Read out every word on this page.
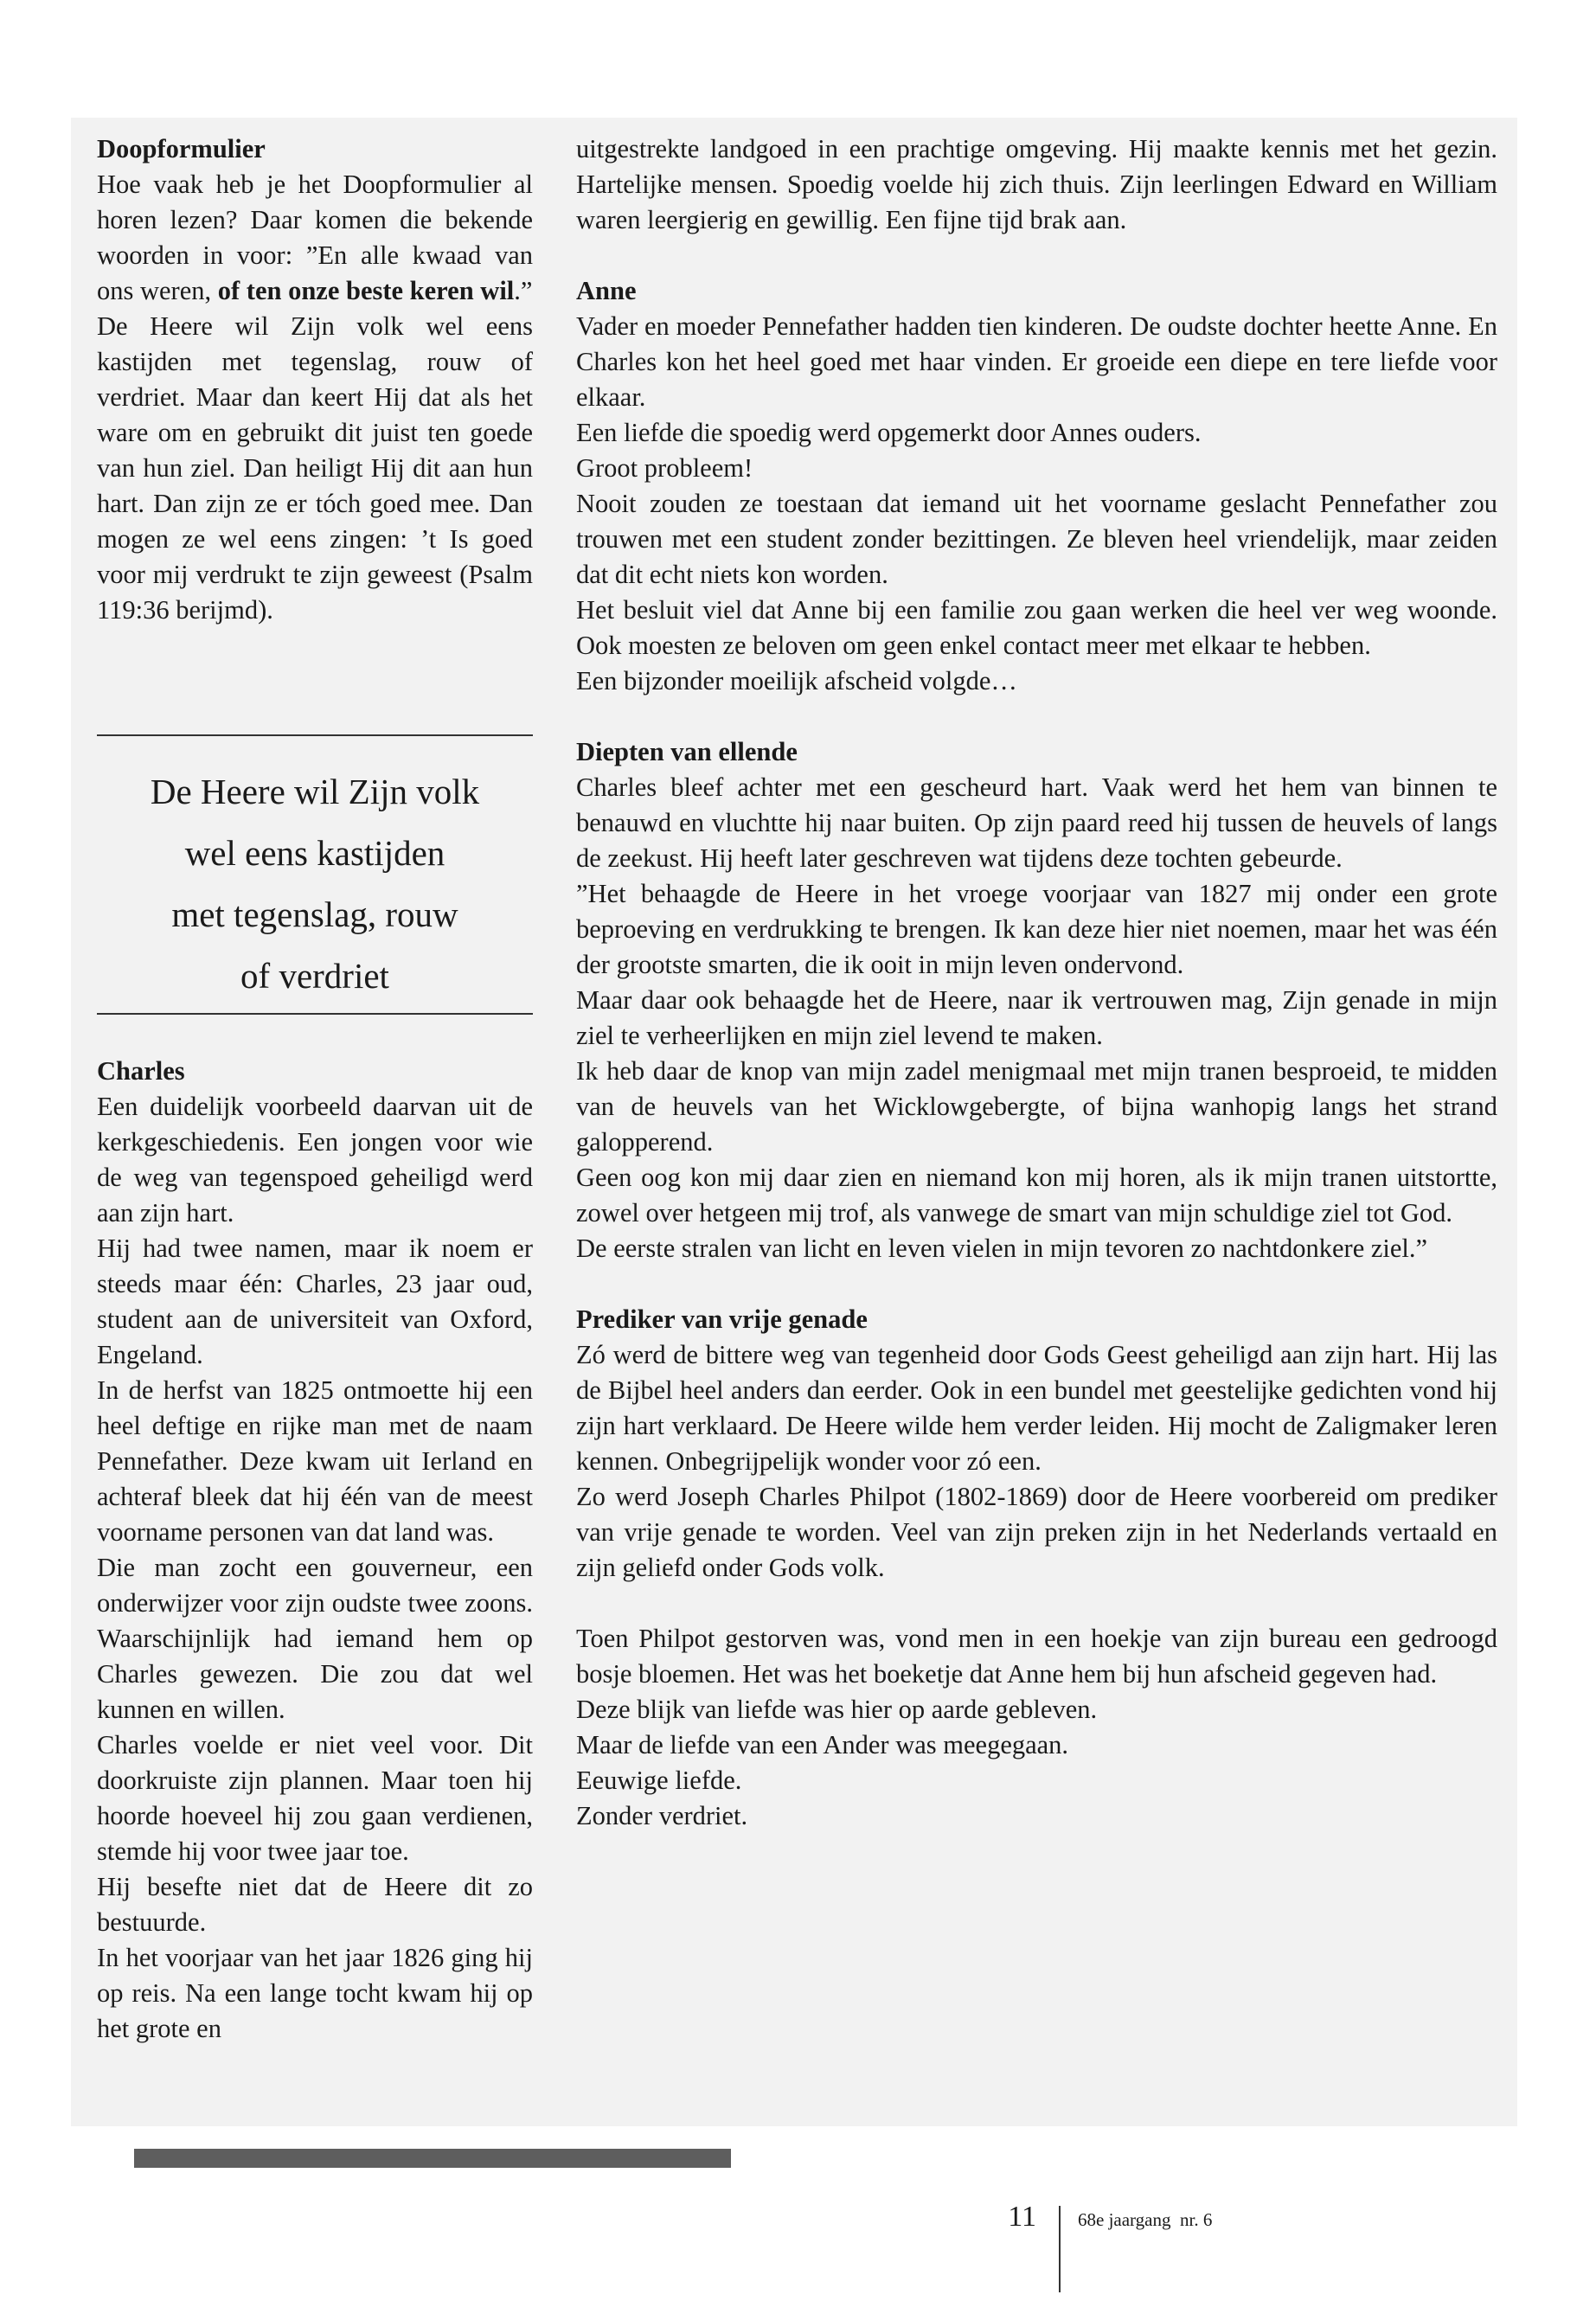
Doopformulier

Hoe vaak heb je het Doopformulier al horen lezen? Daar komen die bekende woorden in voor: ”En alle kwaad van ons weren, of ten onze beste keren wil.”

De Heere wil Zijn volk wel eens kastijden met tegenslag, rouw of verdriet. Maar dan keert Hij dat als het ware om en gebruikt dit juist ten goede van hun ziel. Dan heiligt Hij dit aan hun hart. Dan zijn ze er tóch goed mee. Dan mogen ze wel eens zingen: ’t Is goed voor mij verdrukt te zijn geweest (Psalm 119:36 berijmd).

De Heere wil Zijn volk
wel eens kastijden
met tegenslag, rouw
of verdriet

Charles

Een duidelijk voorbeeld daarvan uit de kerkgeschiedenis. Een jongen voor wie de weg van tegenspoed geheiligd werd aan zijn hart.

Hij had twee namen, maar ik noem er steeds maar één: Charles, 23 jaar oud, student aan de universiteit van Oxford, Engeland.

In de herfst van 1825 ontmoette hij een heel deftige en rijke man met de naam Pennefather. Deze kwam uit Ierland en achteraf bleek dat hij één van de meest voorname personen van dat land was.

Die man zocht een gouverneur, een onderwijzer voor zijn oudste twee zoons. Waarschijnlijk had iemand hem op Charles gewezen. Die zou dat wel kunnen en willen.

Charles voelde er niet veel voor. Dit doorkruiste zijn plannen. Maar toen hij hoorde hoeveel hij zou gaan verdienen, stemde hij voor twee jaar toe.

Hij besefte niet dat de Heere dit zo bestuurde.

In het voorjaar van het jaar 1826 ging hij op reis. Na een lange tocht kwam hij op het grote en

uitgestrekte landgoed in een prachtige omgeving. Hij maakte kennis met het gezin. Hartelijke mensen. Spoedig voelde hij zich thuis. Zijn leerlingen Edward en William waren leergierig en gewillig. Een fijne tijd brak aan.

Anne

Vader en moeder Pennefather hadden tien kinderen. De oudste dochter heette Anne. En Charles kon het heel goed met haar vinden. Er groeide een diepe en tere liefde voor elkaar.

Een liefde die spoedig werd opgemerkt door Annes ouders.

Groot probleem!

Nooit zouden ze toestaan dat iemand uit het voorname geslacht Pennefather zou trouwen met een student zonder bezittingen. Ze bleven heel vriendelijk, maar zeiden dat dit echt niets kon worden.

Het besluit viel dat Anne bij een familie zou gaan werken die heel ver weg woonde. Ook moesten ze beloven om geen enkel contact meer met elkaar te hebben.

Een bijzonder moeilijk afscheid volgde…

Diepten van ellende

Charles bleef achter met een gescheurd hart. Vaak werd het hem van binnen te benauwd en vluchtte hij naar buiten. Op zijn paard reed hij tussen de heuvels of langs de zeekust. Hij heeft later geschreven wat tijdens deze tochten gebeurde.

”Het behaagde de Heere in het vroege voorjaar van 1827 mij onder een grote beproeving en verdrukking te brengen. Ik kan deze hier niet noemen, maar het was één der grootste smarten, die ik ooit in mijn leven ondervond.

Maar daar ook behaagde het de Heere, naar ik vertrouwen mag, Zijn genade in mijn ziel te verheerlijken en mijn ziel levend te maken.

Ik heb daar de knop van mijn zadel menigmaal met mijn tranen besproeid, te midden van de heuvels van het Wicklowgebergte, of bijna wanhopig langs het strand galopperend.

Geen oog kon mij daar zien en niemand kon mij horen, als ik mijn tranen uitstortte, zowel over hetgeen mij trof, als vanwege de smart van mijn schuldige ziel tot God.

De eerste stralen van licht en leven vielen in mijn tevoren zo nachtdonkere ziel.”

Prediker van vrije genade

Zó werd de bittere weg van tegenheid door Gods Geest geheiligd aan zijn hart. Hij las de Bijbel heel anders dan eerder. Ook in een bundel met geestelijke gedichten vond hij zijn hart verklaard. De Heere wilde hem verder leiden. Hij mocht de Zaligmaker leren kennen. Onbegrijpelijk wonder voor zó een.

Zo werd Joseph Charles Philpot (1802-1869) door de Heere voorbereid om prediker van vrije genade te worden. Veel van zijn preken zijn in het Nederlands vertaald en zijn geliefd onder Gods volk.

Toen Philpot gestorven was, vond men in een hoekje van zijn bureau een gedroogd bosje bloemen. Het was het boeketje dat Anne hem bij hun afscheid gegeven had.

Deze blijk van liefde was hier op aarde gebleven.

Maar de liefde van een Ander was meegegaan.

Eeuwige liefde.

Zonder verdriet.

11 68e jaargang  nr. 6
